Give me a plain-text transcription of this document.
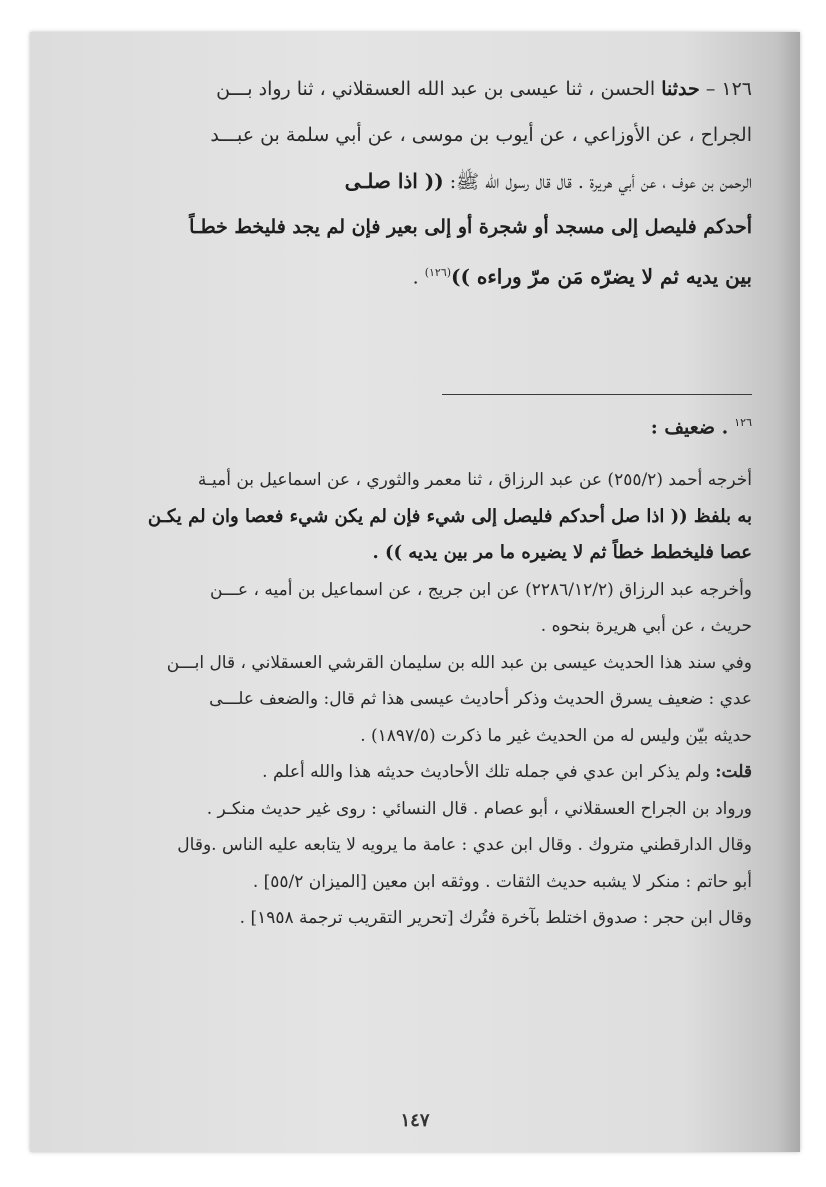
١٢٦ – حدثنا الحسن ، ثنا عيسى بن عبد الله العسقلاني ، ثنا رواد بـــن
الجراح ، عن الأوزاعي ، عن أيوب بن موسى ، عن أبي سلمة بن عبـــد
الرحمن بن عوف ، عن أبي هريرة . قال قال رسول الله ﷺ: (( اذا صلـى
أحدكم فليصل إلى مسجد أو شجرة أو إلى بعير فإن لم يجد فليخط خطـاً
بين يديه ثم لا يضرّه مَن مرّ وراءه ))$^{(١٢٦)}$ .
$^{١٢٦}$. ضعيف :
أخرجه أحمد (٢٥٥/٢) عن عبد الرزاق ، ثنا معمر والثوري ، عن اسماعيل بن أميـة
به بلفظ (( اذا صل أحدكم فليصل إلى شيء فإن لم يكن شيء فعصا وان لم يكـن
عصا فليخطط خطاً ثم لا يضيره ما مر بين يديه )) .
وأخرجه عبد الرزاق (٢٢٨٦/١٢/٢) عن ابن جريج ، عن اسماعيل بن أميه ، عـــن
حريث ، عن أبي هريرة بنحوه .
وفي سند هذا الحديث عيسى بن عبد الله بن سليمان القرشي العسقلاني ، قال ابـــن
عدي : ضعيف يسرق الحديث وذكر أحاديث عيسى هذا ثم قال: والضعف علـــى
حديثه بيّن وليس له من الحديث غير ما ذكرت (١٨٩٧/٥) .
قلت: ولم يذكر ابن عدي في جمله تلك الأحاديث حديثه هذا والله أعلم .
ورواد بن الجراح العسقلاني ، أبو عصام . قال النسائي : روى غير حديث منكـر .
وقال الدارقطني متروك . وقال ابن عدي : عامة ما يرويه لا يتابعه عليه الناس .وقال
أبو حاتم : منكر لا يشبه حديث الثقات . ووثقه ابن معين [الميزان ٥٥/٢] .
وقال ابن حجر : صدوق اختلط بآخرة فتُرك [تحرير التقريب ترجمة ١٩٥٨] .
١٤٧
